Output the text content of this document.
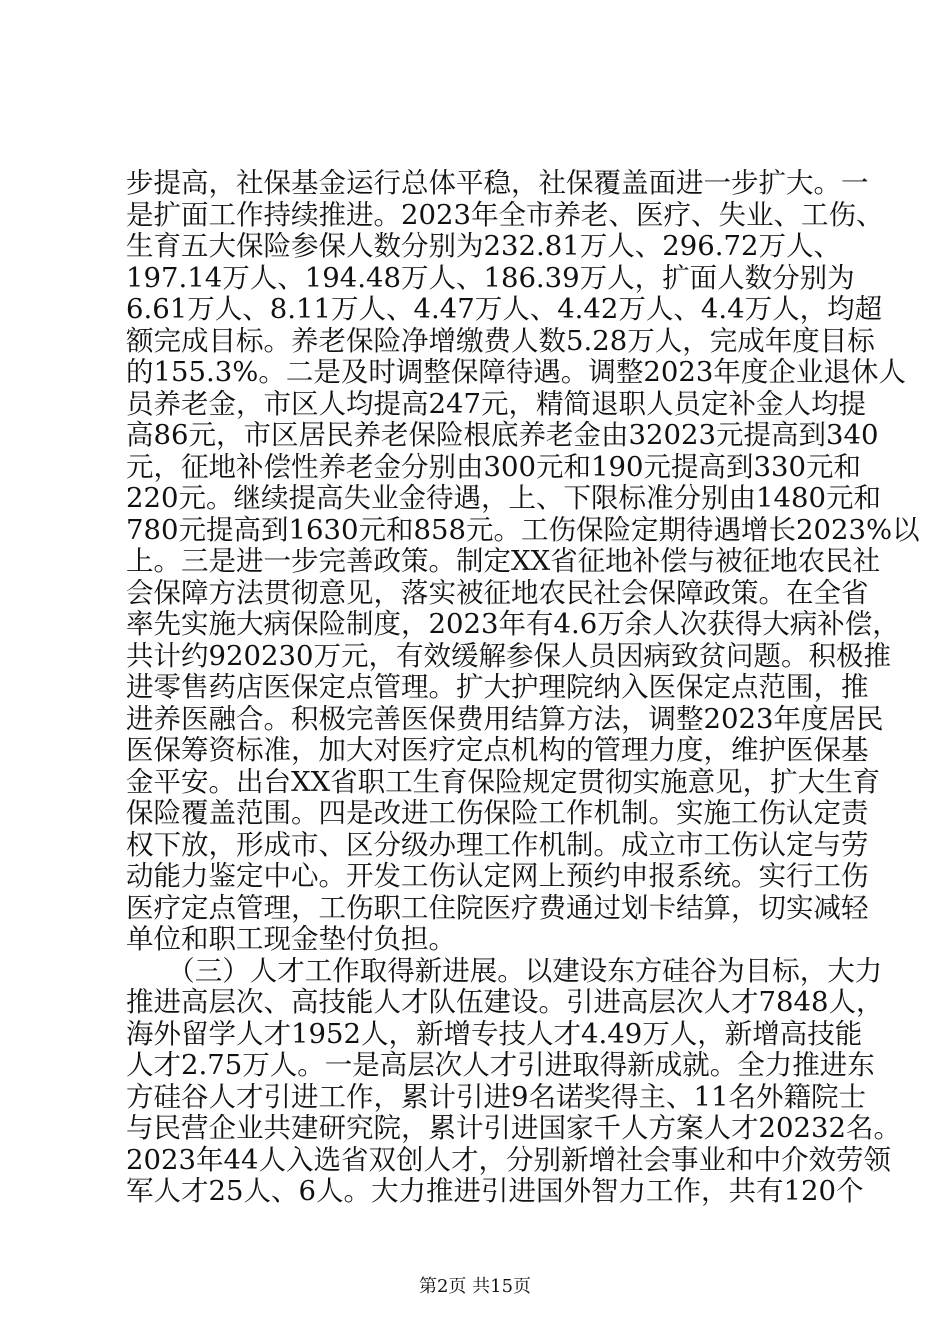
步提高，社保基金运行总体平稳，社保覆盖面进一步扩大。一
是扩面工作持续推进。2023年全市养老、医疗、失业、工伤、
生育五大保险参保人数分别为232.81万人、296.72万人、
197.14万人、194.48万人、186.39万人，扩面人数分别为
6.61万人、8.11万人、4.47万人、4.42万人、4.4万人，均超
额完成目标。养老保险净增缴费人数5.28万人，完成年度目标
的155.3%。二是及时调整保障待遇。调整2023年度企业退休人
员养老金，市区人均提高247元，精简退职人员定补金人均提
高86元，市区居民养老保险根底养老金由32023元提高到340
元，征地补偿性养老金分别由300元和190元提高到330元和
220元。继续提高失业金待遇，上、下限标准分别由1480元和
780元提高到1630元和858元。工伤保险定期待遇增长2023%以
上。三是进一步完善政策。制定XX省征地补偿与被征地农民社
会保障方法贯彻意见，落实被征地农民社会保障政策。在全省
率先实施大病保险制度，2023年有4.6万余人次获得大病补偿，
共计约920230万元，有效缓解参保人员因病致贫问题。积极推
进零售药店医保定点管理。扩大护理院纳入医保定点范围，推
进养医融合。积极完善医保费用结算方法，调整2023年度居民
医保筹资标准，加大对医疗定点机构的管理力度，维护医保基
金平安。出台XX省职工生育保险规定贯彻实施意见，扩大生育
保险覆盖范围。四是改进工伤保险工作机制。实施工伤认定责
权下放，形成市、区分级办理工作机制。成立市工伤认定与劳
动能力鉴定中心。开发工伤认定网上预约申报系统。实行工伤
医疗定点管理，工伤职工住院医疗费通过划卡结算，切实减轻
单位和职工现金垫付负担。
　　（三）人才工作取得新进展。以建设东方硅谷为目标，大力
推进高层次、高技能人才队伍建设。引进高层次人才7848人，
海外留学人才1952人，新增专技人才4.49万人，新增高技能
人才2.75万人。一是高层次人才引进取得新成就。全力推进东
方硅谷人才引进工作，累计引进9名诺奖得主、11名外籍院士
与民营企业共建研究院，累计引进国家千人方案人才20232名。
2023年44人入选省双创人才，分别新增社会事业和中介效劳领
军人才25人、6人。大力推进引进国外智力工作，共有120个
第2页 共15页
